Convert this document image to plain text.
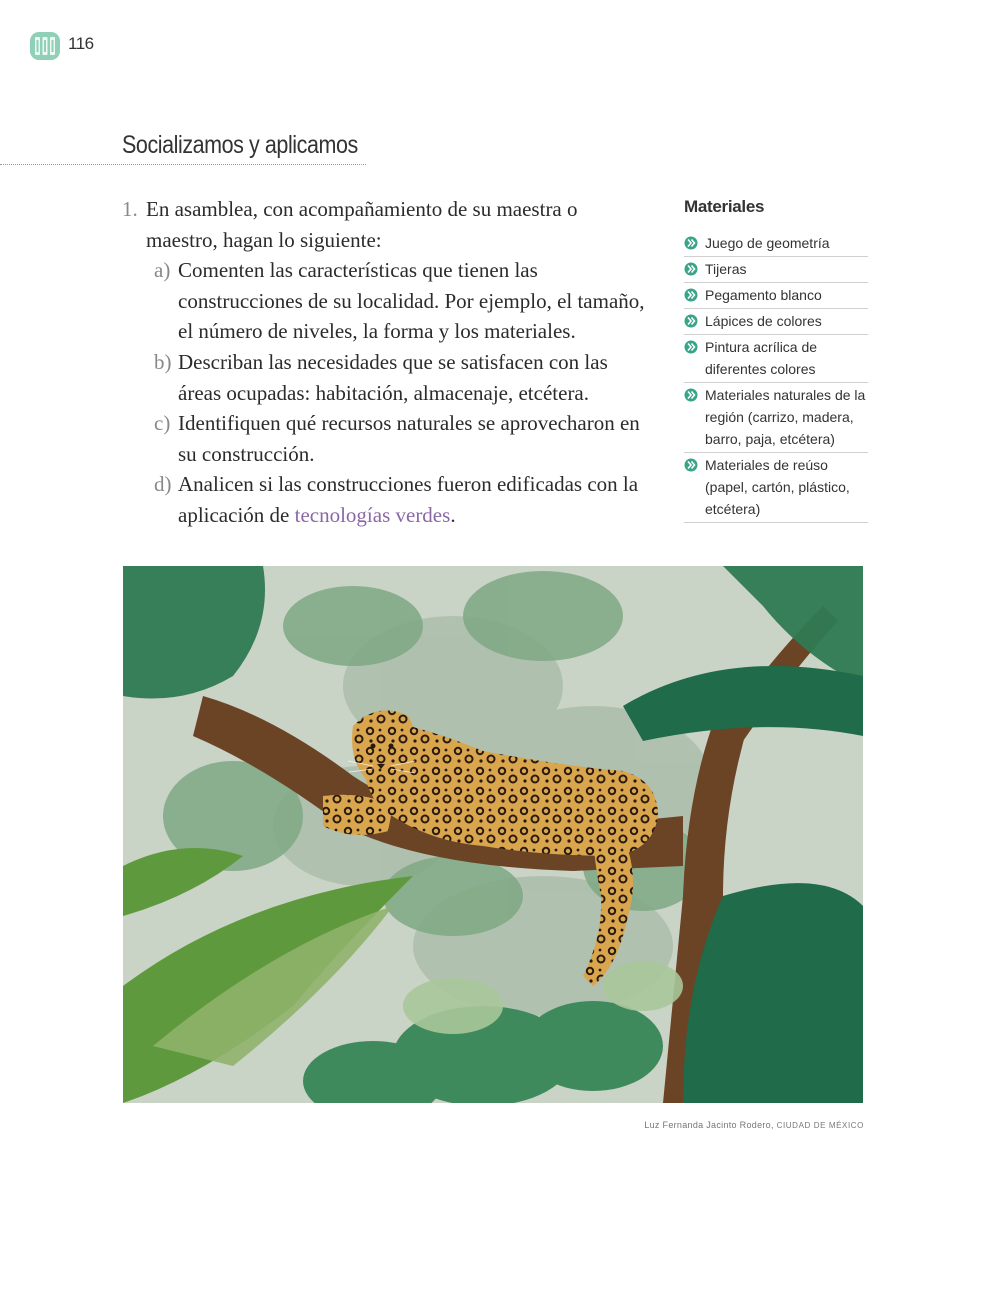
116
Socializamos y aplicamos
1. En asamblea, con acompañamiento de su maestra o
maestro, hagan lo siguiente:
a) Comenten las características que tienen las
construcciones de su localidad. Por ejemplo, el tamaño,
el número de niveles, la forma y los materiales.
b) Describan las necesidades que se satisfacen con las
áreas ocupadas: habitación, almacenaje, etcétera.
c) Identifiquen qué recursos naturales se aprovecharon en
su construcción.
d) Analicen si las construcciones fueron edificadas con la
aplicación de tecnologías verdes.
Materiales
Juego de geometría
Tijeras
Pegamento blanco
Lápices de colores
Pintura acrílica de
diferentes colores
Materiales naturales de la
región (carrizo, madera,
barro, paja, etcétera)
Materiales de reúso
(papel, cartón, plástico,
etcétera)
Luz Fernanda Jacinto Rodero, CIUDAD DE MÉXICO
